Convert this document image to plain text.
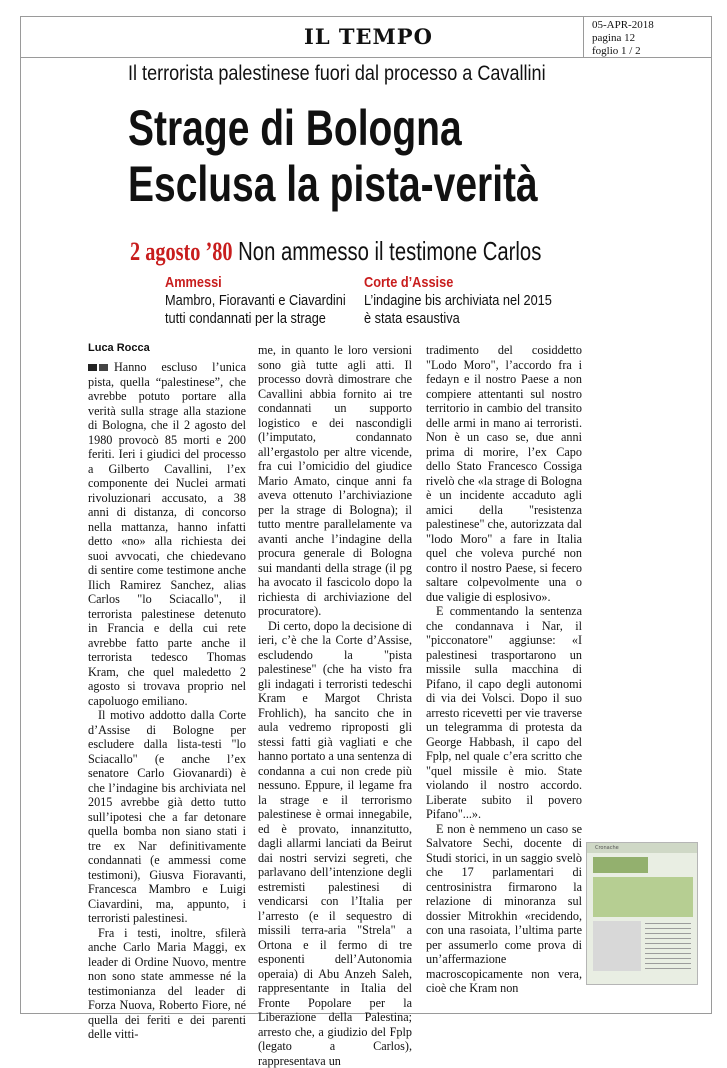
IL TEMPO	05-APR-2018
pagina 12
foglio 1 / 2
Il terrorista palestinese fuori dal processo a Cavallini
Strage di Bologna
Esclusa la pista-verità
2 agosto ’80 Non ammesso il testimone Carlos
Ammessi
Mambro, Fioravanti e Ciavardini
tutti condannati per la strage
Corte d’Assise
L’indagine bis archiviata nel 2015
è stata esaustiva
Luca Rocca

Hanno escluso l’unica pista, quella “palestinese”, che avrebbe potuto portare alla verità sulla strage alla stazione di Bologna, che il 2 agosto del 1980 provocò 85 morti e 200 feriti. Ieri i giudici del processo a Gilberto Cavallini, l’ex componente dei Nuclei armati rivoluzionari accusato, a 38 anni di distanza, di concorso nella mattanza, hanno infatti detto «no» alla richiesta dei suoi avvocati, che chiedevano di sentire come testimone anche Ilich Ramirez Sanchez, alias Carlos "lo Sciacallo", il terrorista palestinese detenuto in Francia e della cui rete avrebbe fatto parte anche il terrorista tedesco Thomas Kram, che quel maledetto 2 agosto si trovava proprio nel capoluogo emiliano.

Il motivo addotto dalla Corte d’Assise di Bologne per escludere dalla lista-testi "lo Sciacallo" (e anche l’ex senatore Carlo Giovanardi) è che l’indagine bis archiviata nel 2015 avrebbe già detto tutto sull’ipotesi che a far detonare quella bomba non siano stati i tre ex Nar definitivamente condannati (e ammessi come testimoni), Giusva Fioravanti, Francesca Mambro e Luigi Ciavardini, ma, appunto, i terroristi palestinesi.

Fra i testi, inoltre, sfilerà anche Carlo Maria Maggi, ex leader di Ordine Nuovo, mentre non sono state ammesse né la testimonianza del leader di Forza Nuova, Roberto Fiore, né quella dei feriti e dei parenti delle vitti-

me, in quanto le loro versioni sono già tutte agli atti. Il processo dovrà dimostrare che Cavallini abbia fornito ai tre condannati un supporto logistico e dei nascondigli (l’imputato, condannato all’ergastolo per altre vicende, fra cui l’omicidio del giudice Mario Amato, cinque anni fa aveva ottenuto l’archiviazione per la strage di Bologna); il tutto mentre parallelamente va avanti anche l’indagine della procura generale di Bologna sui mandanti della strage (il pg ha avocato il fascicolo dopo la richiesta di archiviazione del procuratore).

Di certo, dopo la decisione di ieri, c’è che la Corte d’Assise, escludendo la "pista palestinese" (che ha visto fra gli indagati i terroristi tedeschi Kram e Margot Christa Frohlich), ha sancito che in aula vedremo riproposti gli stessi fatti già vagliati e che hanno portato a una sentenza di condanna a cui non crede più nessuno. Eppure, il legame fra la strage e il terrorismo palestinese è ormai innegabile, ed è provato, innanzitutto, dagli allarmi lanciati da Beirut dai nostri servizi segreti, che parlavano dell’intenzione degli estremisti palestinesi di vendicarsi con l’Italia per l’arresto (e il sequestro di missili terra-aria "Strela" a Ortona e il fermo di tre esponenti dell’Autonomia operaia) di Abu Anzeh Saleh, rappresentante in Italia del Fronte Popolare per la Liberazione della Palestina; arresto che, a giudizio del Fplp (legato a Carlos), rappresentava un

tradimento del cosiddetto "Lodo Moro", l’accordo fra i fedayn e il nostro Paese a non compiere attentanti sul nostro territorio in cambio del transito delle armi in mano ai terroristi. Non è un caso se, due anni prima di morire, l’ex Capo dello Stato Francesco Cossiga rivelò che «la strage di Bologna è un incidente accaduto agli amici della "resistenza palestinese" che, autorizzata dal "lodo Moro" a fare in Italia quel che voleva purché non contro il nostro Paese, si fecero saltare colpevolmente una o due valigie di esplosivo».

E commentando la sentenza che condannava i Nar, il "picconatore" aggiunse: «I palestinesi trasportarono un missile sulla macchina di Pifano, il capo degli autonomi di via dei Volsci. Dopo il suo arresto ricevetti per vie traverse un telegramma di protesta da George Habbash, il capo del Fplp, nel quale c’era scritto che "quel missile è mio. State violando il nostro accordo. Liberate subito il povero Pifano"...».

E non è nemmeno un caso se Salvatore Sechi, docente di Studi storici, in un saggio svelò che 17 parlamentari di centrosinistra firmarono la relazione di minoranza sul dossier Mitrokhin «recidendo, con una rasoiata, l’ultima parte per assumerlo come prova di un’affermazione macroscopicamente non vera, cioè che Kram non

Cronache
